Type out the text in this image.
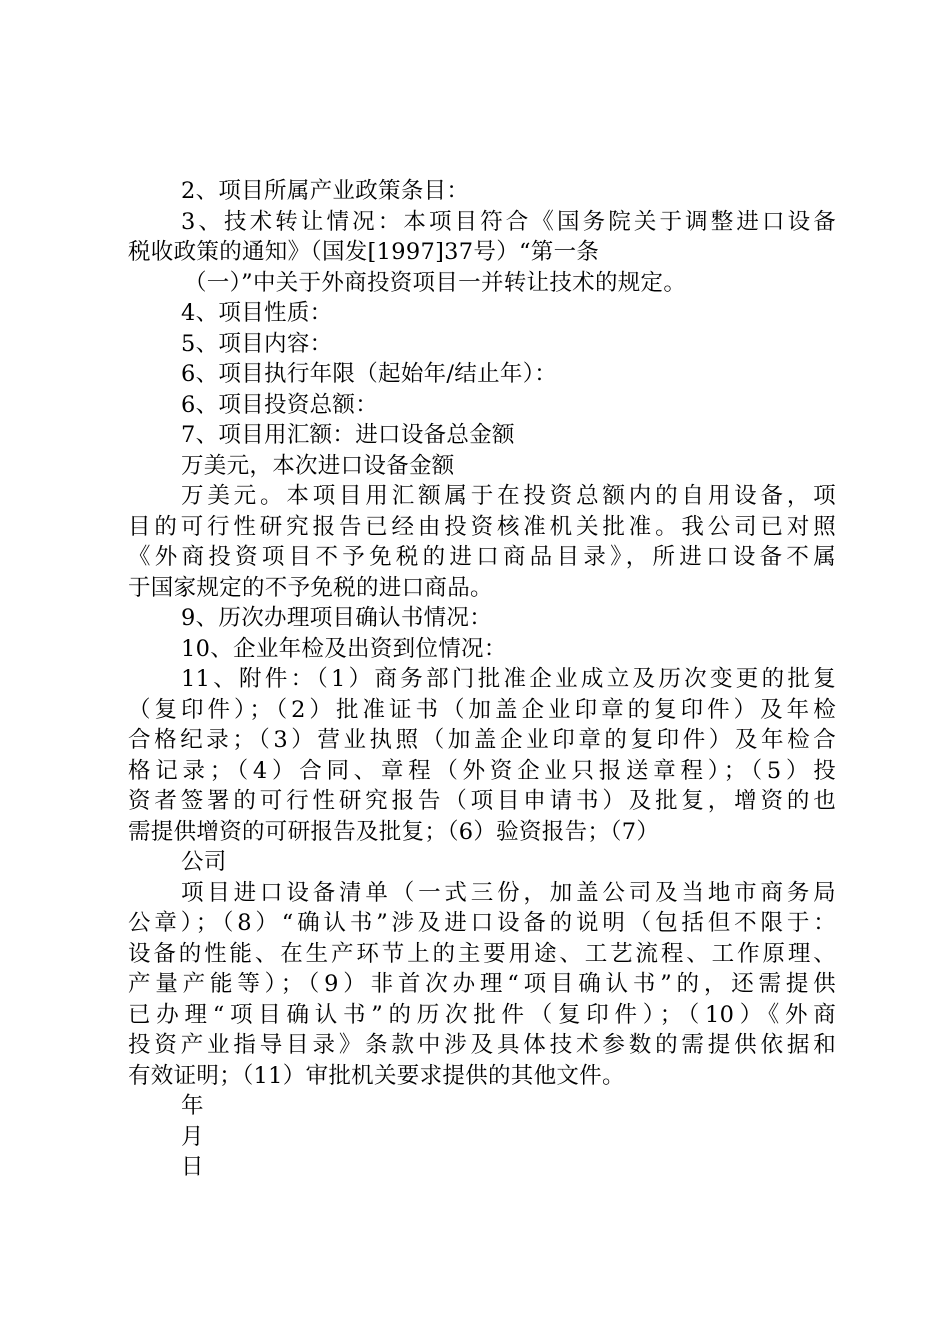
2、项目所属产业政策条目：
3、技术转让情况：本项目符合《国务院关于调整进口设备
税收政策的通知》（国发[1997]37号）“第一条
（一）”中关于外商投资项目一并转让技术的规定。
4、项目性质：
5、项目内容：
6、项目执行年限（起始年/结止年）：
6、项目投资总额：
7、项目用汇额：进口设备总金额
万美元，本次进口设备金额
万美元。本项目用汇额属于在投资总额内的自用设备，项
目的可行性研究报告已经由投资核准机关批准。我公司已对照
《外商投资项目不予免税的进口商品目录》，所进口设备不属
于国家规定的不予免税的进口商品。
9、历次办理项目确认书情况：
10、企业年检及出资到位情况：
11、附件：（1）商务部门批准企业成立及历次变更的批复
（复印件）；（2）批准证书（加盖企业印章的复印件）及年检
合格纪录；（3）营业执照（加盖企业印章的复印件）及年检合
格记录；（4）合同、章程（外资企业只报送章程）；（5）投
资者签署的可行性研究报告（项目申请书）及批复，增资的也
需提供增资的可研报告及批复；（6）验资报告；（7）
公司
项目进口设备清单（一式三份，加盖公司及当地市商务局
公章）；（8）“确认书”涉及进口设备的说明（包括但不限于：
设备的性能、在生产环节上的主要用途、工艺流程、工作原理、
产量产能等）；（9）非首次办理“项目确认书”的，还需提供
已办理“项目确认书”的历次批件（复印件）；（10）《外商
投资产业指导目录》条款中涉及具体技术参数的需提供依据和
有效证明；（11）审批机关要求提供的其他文件。
年
月
日
